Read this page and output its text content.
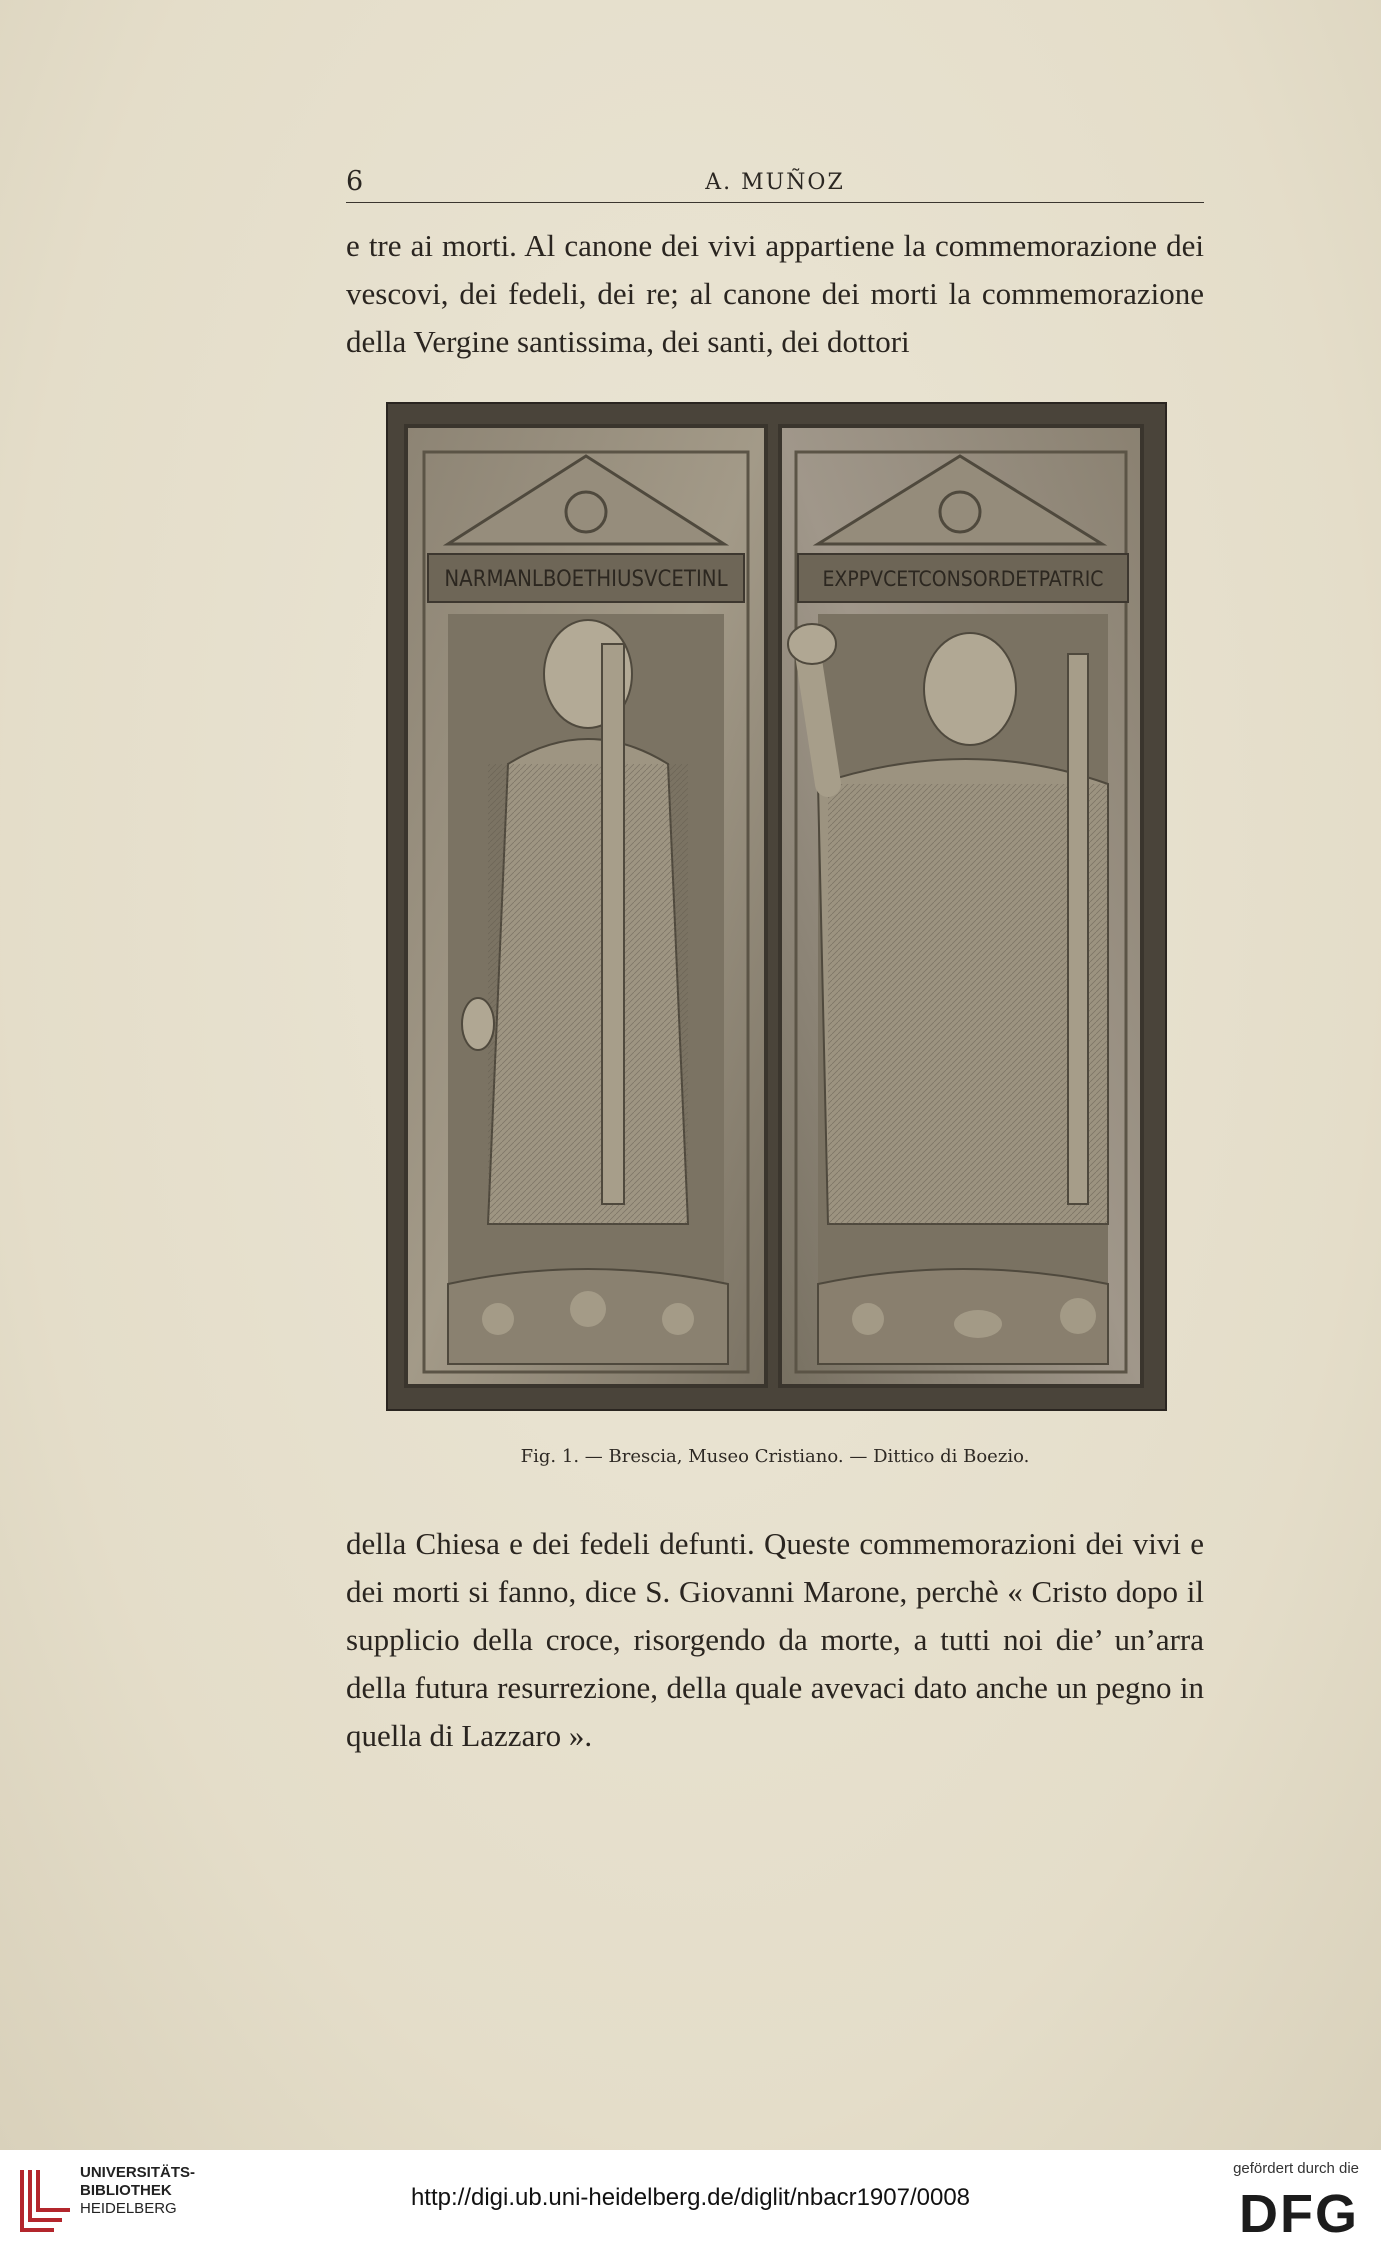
6	A. MUÑOZ
e tre ai morti. Al canone dei vivi appartiene la commemorazione dei vescovi, dei fedeli, dei re; al canone dei morti la commemorazione della Vergine santissima, dei santi, dei dottori
NARMANLBOETHIUSVCETINL	EXPPVCETCONSORDETPATRIC
Fig. 1. — Brescia, Museo Cristiano. — Dittico di Boezio.
della Chiesa e dei fedeli defunti. Queste commemorazioni dei vivi e dei morti si fanno, dice S. Giovanni Marone, perchè « Cristo dopo il supplicio della croce, risorgendo da morte, a tutti noi die’ un’arra della futura resurrezione, della quale avevaci dato anche un pegno in quella di Lazzaro ».
UNIVERSITÄTS-
BIBLIOTHEK
HEIDELBERG	http://digi.ub.uni-heidelberg.de/diglit/nbacr1907/0008
gefördert durch die
DFG
